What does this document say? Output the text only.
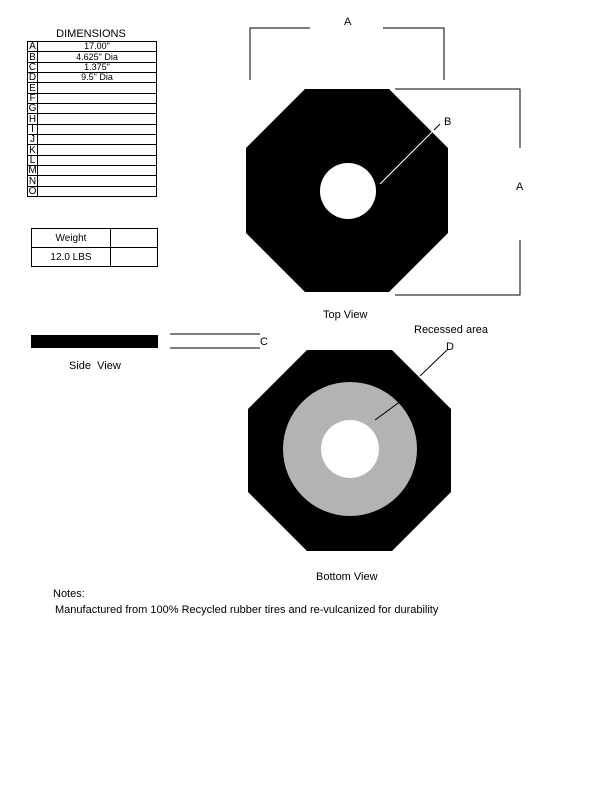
DIMENSIONS
A	17.00"
B	4.625" Dia
C	1.375"
D	9.5" Dia
E	
F	
G	
H	
I	
J	
K	
L	
M	
N	
O	
Weight	
12.0 LBS	
A
A
B
C	D
Top View
Side  View
Recessed area
Bottom View
Notes:
Manufactured from 100% Recycled rubber tires and re-vulcanized for durability
